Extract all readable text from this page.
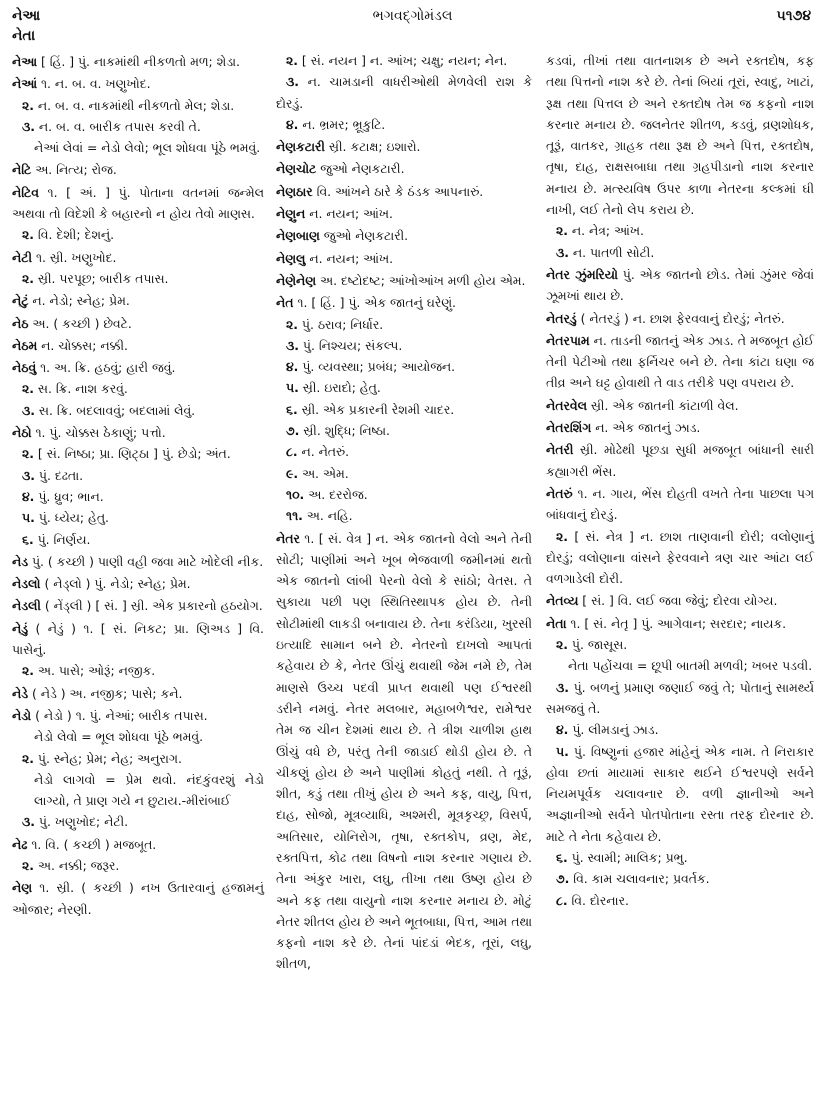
નેઆ
નેતા
ભગવદ્ગોમંડલ	૫૧૭૪

નેઆ [ હિં. ] પું. નાકમાંથી નીકળતો મળ; શેડા.

નેઆં ૧. ન. બ. વ. ખણુખોદ.

૨. ન. બ. વ. નાકમાંથી નીકળતો મેલ; શેડા.

૩. ન. બ. વ. બારીક તપાસ કરવી તે.

નેઆં લેવાં = નેડો લેવો; ભૂલ શોધવા પૂંઠે ભમવું.

નેટિ અ. નિત્ય; રોજ.

નેટિવ ૧. [ અં. ] પું. પોતાના વતનમાં જન્મેલ અથવા તો વિદેશી કે બહારનો ન હોય તેવો માણસ.

૨. વિ. દેશી; દેશનું.

નેટી ૧. સ્રી. ખણુખોદ.

૨. સ્રી. પરપૂછ; બારીક તપાસ.

નેટું ન. નેડો; સ્નેહ; પ્રેમ.

નેઠ અ. ( કચ્છી ) છેવટે.

નેઠમ ન. ચોક્કસ; નક્કી.

નેઠવું ૧. અ. ક્રિ. હઠવું; હારી જવું.

૨. સ. ક્રિ. નાશ કરવું.

૩. સ. ક્રિ. બદલાવવું; બદલામાં લેવું.

નેઠો ૧. પું. ચોક્કસ ઠેકાણું; પત્તો.

૨. [ સં. નિષ્ઠા; પ્રા. ણિટ્ઠા ] પું. છેડો; અંત.

૩. પું. દઢતા.

૪. પું. ધ્રુવ; ભાન.

૫. પું. ધ્યેય; હેતુ.

૬. પું. નિર્ણય.

નેડ પું. ( કચ્છી ) પાણી વહી જવા માટે ખોદેલી નીક.

નેડલો ( નેડ્લો ) પું. નેડો; સ્નેહ; પ્રેમ.

નેડલી ( નેંડ્લી ) [ સં. ] સ્રી. એક પ્રકારનો હઠયોગ.

નેડું ( નેડું ) ૧. [ સં. નિકટ; પ્રા. ણિઅડ ] વિ. પાસેનું.

૨. અ. પાસે; ઓરૂં; નજીક.

નેડે ( નેડે ) અ. નજીક; પાસે; કને.

નેડો ( નેડો ) ૧. પું. નેઆં; બારીક તપાસ.

નેડો લેવો = ભૂલ શોધવા પૂંઠે ભમવું.

૨. પું. સ્નેહ; પ્રેમ; નેહ; અનુરાગ.

નેડો લાગવો = પ્રેમ થવો. નંદકુંવરશું નેડો લાગ્યો, તે પ્રાણ ગયે ન છુટાય.-મીરાંબાઈ

૩. પું. ખણુખોદ; નેટી.

નેઢ ૧. વિ. ( કચ્છી ) મજબૂત.

૨. અ. નક્કી; જરૂર.

નેણ ૧. સ્રી. ( કચ્છી ) નખ ઉતારવાનું હજામનું ઓજાર; નેરણી.

૨. [ સં. નયન ] ન. આંખ; ચક્ષુ; નયન; નેન.

૩. ન. ચામડાની વાધરીઓથી મેળવેલી રાશ કે દોરડું.

૪. ન. ભ્રમર; ભ્રૂકુટિ.

નેણકટારી સ્રી. કટાક્ષ; ઇશારો.

નેણચોટ જુઓ નેણકટારી.

નેણઠાર વિ. આંખને ઠારે કે ઠંડક આપનારું.

નેણુન ન. નયન; આંખ.

નેણબાણ જુઓ નેણકટારી.

નેણલુ ન. નયન; આંખ.

નેણેનેણ અ. દષ્ટોદષ્ટ; આંખોઆંખ મળી હોય એમ.

નેત ૧. [ હિં. ] પું. એક જાતનું ઘરેણું.

૨. પું. ઠરાવ; નિર્ધાર.

૩. પું. નિશ્ચય; સંકલ્પ.

૪. પું. વ્યવસ્થા; પ્રબંધ; આયોજન.

૫. સ્રી. ઇરાદો; હેતુ.

૬. સ્રી. એક પ્રકારની રેશમી ચાદર.

૭. સ્રી. શુદ્ધિ; નિષ્ઠા.

૮. ન. નેતરું.

૯. અ. એમ.

૧૦. અ. દરરોજ.

૧૧. અ. નહિ.

નેતર ૧. [ સં. વેત્ર ] ન. એક જાતનો વેલો અને તેની સોટી; પાણીમાં અને ખૂબ ભેજવાળી જમીનમાં થતો એક જાતનો લાંબી પેરનો વેલો કે સાંઠો; વેતસ. તે સુકાયા પછી પણ સ્થિતિસ્થાપક હોય છે. તેની સોટીમાંથી લાકડી બનાવાય છે. તેના કરંડિયા, ખુરસી ઇત્યાદિ સામાન બને છે. નેતરનો દાખલો આપતાં કહેવાય છે કે, નેતર ઊંચું થવાથી જેમ નમે છે, તેમ માણસે ઉચ્ચ પદવી પ્રાપ્ત થવાથી પણ ઈશ્વરથી ડરીને નમવું. નેતર મલબાર, મહાબળેશ્વર, રામેશ્વર તેમ જ ચીન દેશમાં થાય છે. તે ત્રીશ ચાળીશ હાથ ઊંચું વધે છે, પરંતુ તેની જાડાઈ થોડી હોય છે. તે ચીકણું હોય છે અને પાણીમાં કોહતું નથી. તે તૂરૂં, શીત, કડું તથા તીખું હોય છે અને કફ, વાયુ, પિત્ત, દાહ, સોજો, મૂત્રવ્યાધિ, અશ્મરી, મૂત્રકૃચ્છ્ર, વિસર્પ, અતિસાર, યોનિરોગ, તૃષા, રક્તકોપ, વ્રણ, મેદ, રક્તપિત્ત, કોઢ તથા વિષનો નાશ કરનાર ગણાય છે. તેના અંકુર ખારા, લઘુ, તીખા તથા ઉષ્ણ હોય છે અને કફ તથા વાયુનો નાશ કરનાર મનાય છે. મોટું નેતર શીતલ હોય છે અને ભૂતબાધા, પિત્ત, આમ તથા કફનો નાશ કરે છે. તેનાં પાંદડાં ભેદક, તૂરાં, લઘુ, શીતળ,

કડવાં, તીખાં તથા વાતનાશક છે અને રક્તદોષ, કફ તથા પિત્તનો નાશ કરે છે. તેનાં બિયાં તૂરાં, સ્વાદુ, ખાટાં, રૂક્ષ તથા પિત્તલ છે અને રક્તદોષ તેમ જ કફનો નાશ કરનાર મનાય છે. જલનેતર શીતળ, કડવું, વ્રણશોધક, તૂરૂં, વાતકર, ગ્રાહક તથા રૂક્ષ છે અને પિત્ત, રક્તદોષ, તૃષા, દાહ, રાક્ષસબાધા તથા ગ્રહપીડાનો નાશ કરનાર મનાય છે. મત્સ્યવિષ ઉપર કાળા નેતરના કલ્કમાં ઘી નાખી, લઈ તેનો લેપ કરાય છે.

૨. ન. નેત્ર; આંખ.

૩. ન. પાતળી સોટી.

નેતર ઝુંમરિયો પું. એક જાતનો છોડ. તેમાં ઝુંમર જેવાં ઝૂમખાં થાય છે.

નેતરડું ( નેતરડું ) ન. છાશ ફેરવવાનું દોરડું; નેતરું.

નેતરપામ ન. તાડની જાતનું એક ઝાડ. તે મજબૂત હોઈ તેની પેટીઓ તથા ફર્નિચર બને છે. તેના કાંટા ઘણા જ તીવ્ર અને ઘટ્ટ હોવાથી તે વાડ તરીકે પણ વપરાય છે.

નેતરવેલ સ્રી. એક જાતની કાંટાળી વેલ.

નેતરશિંગ ન. એક જાતનું ઝાડ.

નેતરી સ્રી. મોઢેથી પૂછડા સુધી મજબૂત બાંધાની સારી કહ્યાગરી ભેંસ.

નેતરું ૧. ન. ગાય, ભેંસ દોહતી વખતે તેના પાછલા પગ બાંધવાનું દોરડું.

૨. [ સં. નેત્ર ] ન. છાશ તાણવાની દોરી; વલોણાનું દોરડું; વલોણાના વાંસને ફેરવવાને ત્રણ ચાર આંટા લઈ વળગાડેલી દોરી.

નેતવ્ય [ સં. ] વિ. લઈ જવા જેવું; દોરવા યોગ્ય.

નેતા ૧. [ સં. નેતૃ ] પું. આગેવાન; સરદાર; નાયક.

૨. પું. જાસૂસ.

નેતા પહોંચવા = છૂપી બાતમી મળવી; ખબર પડવી.

૩. પું. બળનું પ્રમાણ જણાઈ જવું તે; પોતાનું સામર્થ્ય સમજવું તે.

૪. પું. લીમડાનું ઝાડ.

૫. પું. વિષ્ણુનાં હજાર માંહેનું એક નામ. તે નિરાકાર હોવા છતાં માયામાં સાકાર થઈને ઈશ્વરપણે સર્વને નિયમપૂર્વક ચલાવનાર છે. વળી જ્ઞાનીઓ અને અજ્ઞાનીઓ સર્વને પોતપોતાના રસ્તા તરફ દોરનાર છે. માટે તે નેતા કહેવાય છે.

૬. પું. સ્વામી; માલિક; પ્રભુ.

૭. વિ. કામ ચલાવનાર; પ્રવર્તક.

૮. વિ. દોરનાર.
